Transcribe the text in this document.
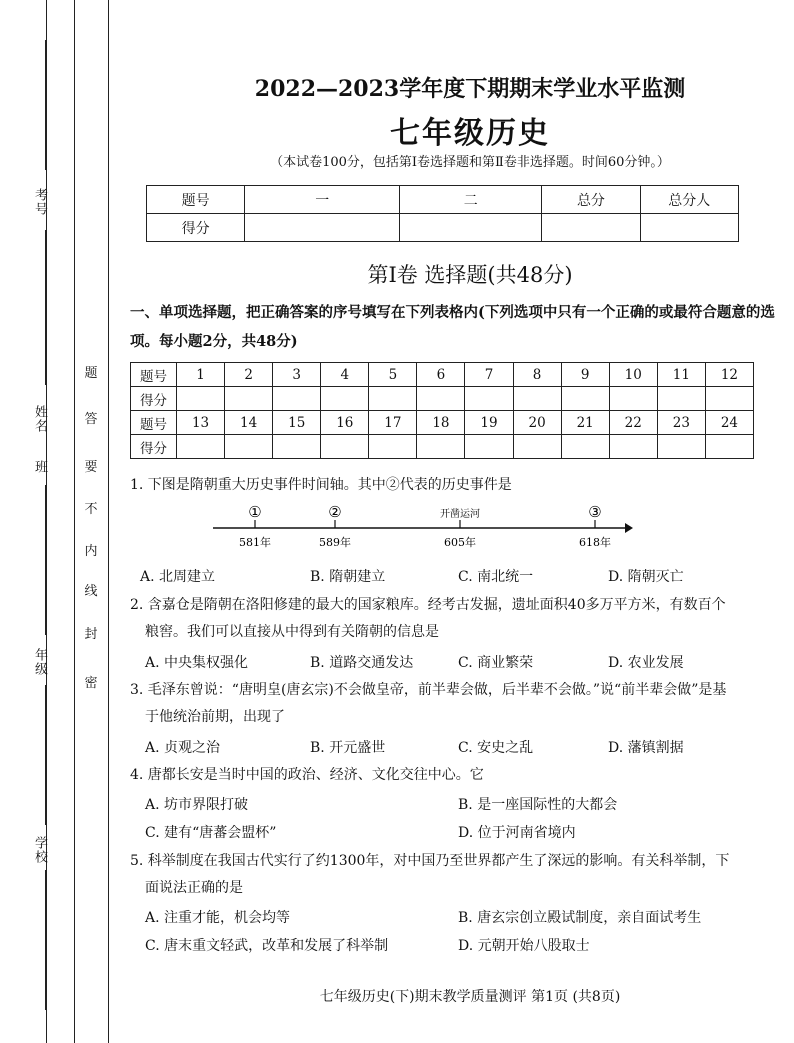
考号
姓名
班
年级
学校
密
封
线
内
不
要
答
题
2022—2023学年度下期期末学业水平监测
七年级历史
（本试卷100分，包括第Ⅰ卷选择题和第Ⅱ卷非选择题。时间60分钟。）
题号	一	二	总分	总分人
得分				
第Ⅰ卷 选择题(共48分)
一、单项选择题，把正确答案的序号填写在下列表格内(下列选项中只有一个正确的或最符合题意的选项。每小题2分，共48分)
题号	1	2	3	4	5	6	7	8	9	10	11	12
得分												
题号	13	14	15	16	17	18	19	20	21	22	23	24
得分												
1. 下图是隋朝重大历史事件时间轴。其中②代表的历史事件是
①
581年
②
589年
开凿运河
605年
③
618年
A. 北周建立	B. 隋朝建立	C. 南北统一	D. 隋朝灭亡
2. 含嘉仓是隋朝在洛阳修建的最大的国家粮库。经考古发掘，遗址面积40多万平方米，有数百个
粮窖。我们可以直接从中得到有关隋朝的信息是
A. 中央集权强化	B. 道路交通发达	C. 商业繁荣	D. 农业发展
3. 毛泽东曾说：“唐明皇(唐玄宗)不会做皇帝，前半辈会做，后半辈不会做。”说“前半辈会做”是基
于他统治前期，出现了
A. 贞观之治	B. 开元盛世	C. 安史之乱	D. 藩镇割据
4. 唐都长安是当时中国的政治、经济、文化交往中心。它
A. 坊市界限打破	B. 是一座国际性的大都会
C. 建有“唐蕃会盟杯”	D. 位于河南省境内
5. 科举制度在我国古代实行了约1300年，对中国乃至世界都产生了深远的影响。有关科举制，下
面说法正确的是
A. 注重才能，机会均等	B. 唐玄宗创立殿试制度，亲自面试考生
C. 唐末重文轻武，改革和发展了科举制	D. 元朝开始八股取士
七年级历史(下)期末教学质量测评 第1页 (共8页)
